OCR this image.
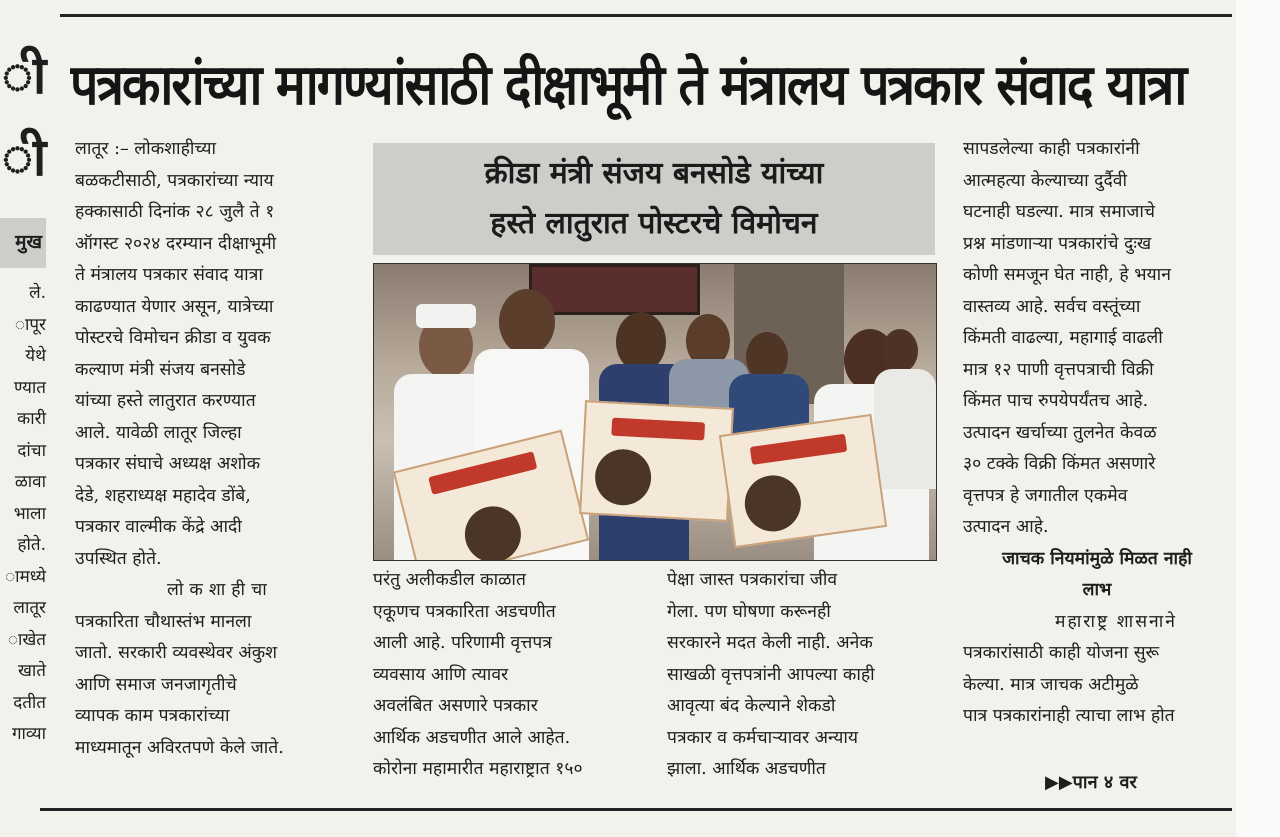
ी
ी
मुख
ले.
ापूर
येथे
ण्यात
कारी
दांचा
ळावा
भाला
होते.
ामध्ये
लातूर
ाखेत
खाते
दतीत
गाव्या
पत्रकारांच्या मागण्यांसाठी दीक्षाभूमी ते मंत्रालय पत्रकार संवाद यात्रा
लातूर :– लोकशाहीच्या
बळकटीसाठी, पत्रकारांच्या न्याय
हक्कासाठी दिनांक २८ जुलै ते १
ऑगस्ट २०२४ दरम्यान दीक्षाभूमी
ते मंत्रालय पत्रकार संवाद यात्रा
काढण्यात येणार असून, यात्रेच्या
पोस्टरचे विमोचन क्रीडा व युवक
कल्याण मंत्री संजय बनसोडे
यांच्या हस्ते लातुरात करण्यात
आले. यावेळी लातूर जिल्हा
पत्रकार संघाचे अध्यक्ष अशोक
देडे, शहराध्यक्ष महादेव डोंबे,
पत्रकार वाल्मीक केंद्रे आदी
उपस्थित होते.
लोकशाहीचा
पत्रकारिता चौथास्तंभ मानला
जातो. सरकारी व्यवस्थेवर अंकुश
आणि समाज जनजागृतीचे
व्यापक काम पत्रकारांच्या
माध्यमातून अविरतपणे केले जाते.
क्रीडा मंत्री संजय बनसोडे यांच्या
हस्ते लातुरात पोस्टरचे विमोचन
परंतु अलीकडील काळात
एकूणच पत्रकारिता अडचणीत
आली आहे. परिणामी वृत्तपत्र
व्यवसाय आणि त्यावर
अवलंबित असणारे पत्रकार
आर्थिक अडचणीत आले आहेत.
कोरोना महामारीत महाराष्ट्रात १५०
पेक्षा जास्त पत्रकारांचा जीव
गेला. पण घोषणा करूनही
सरकारने मदत केली नाही. अनेक
साखळी वृत्तपत्रांनी आपल्या काही
आवृत्या बंद केल्याने शेकडो
पत्रकार व कर्मचाऱ्यावर अन्याय
झाला. आर्थिक अडचणीत
सापडलेल्या काही पत्रकारांनी
आत्महत्या केल्याच्या दुर्दैवी
घटनाही घडल्या. मात्र समाजाचे
प्रश्न मांडणाऱ्या पत्रकारांचे दुःख
कोणी समजून घेत नाही, हे भयान
वास्तव्य आहे. सर्वच वस्तूंच्या
किंमती वाढल्या, महागाई वाढली
मात्र १२ पाणी वृत्तपत्राची विक्री
किंमत पाच रुपयेपर्यंतच आहे.
उत्पादन खर्चाच्या तुलनेत केवळ
३० टक्के विक्री किंमत असणारे
वृत्तपत्र हे जगातील एकमेव
उत्पादन आहे.
जाचक नियमांमुळे मिळत नाही
लाभ
महाराष्ट्र शासनाने
पत्रकारांसाठी काही योजना सुरू
केल्या. मात्र जाचक अटीमुळे
पात्र पत्रकारांनाही त्याचा लाभ होत
▶▶पान ४ वर
